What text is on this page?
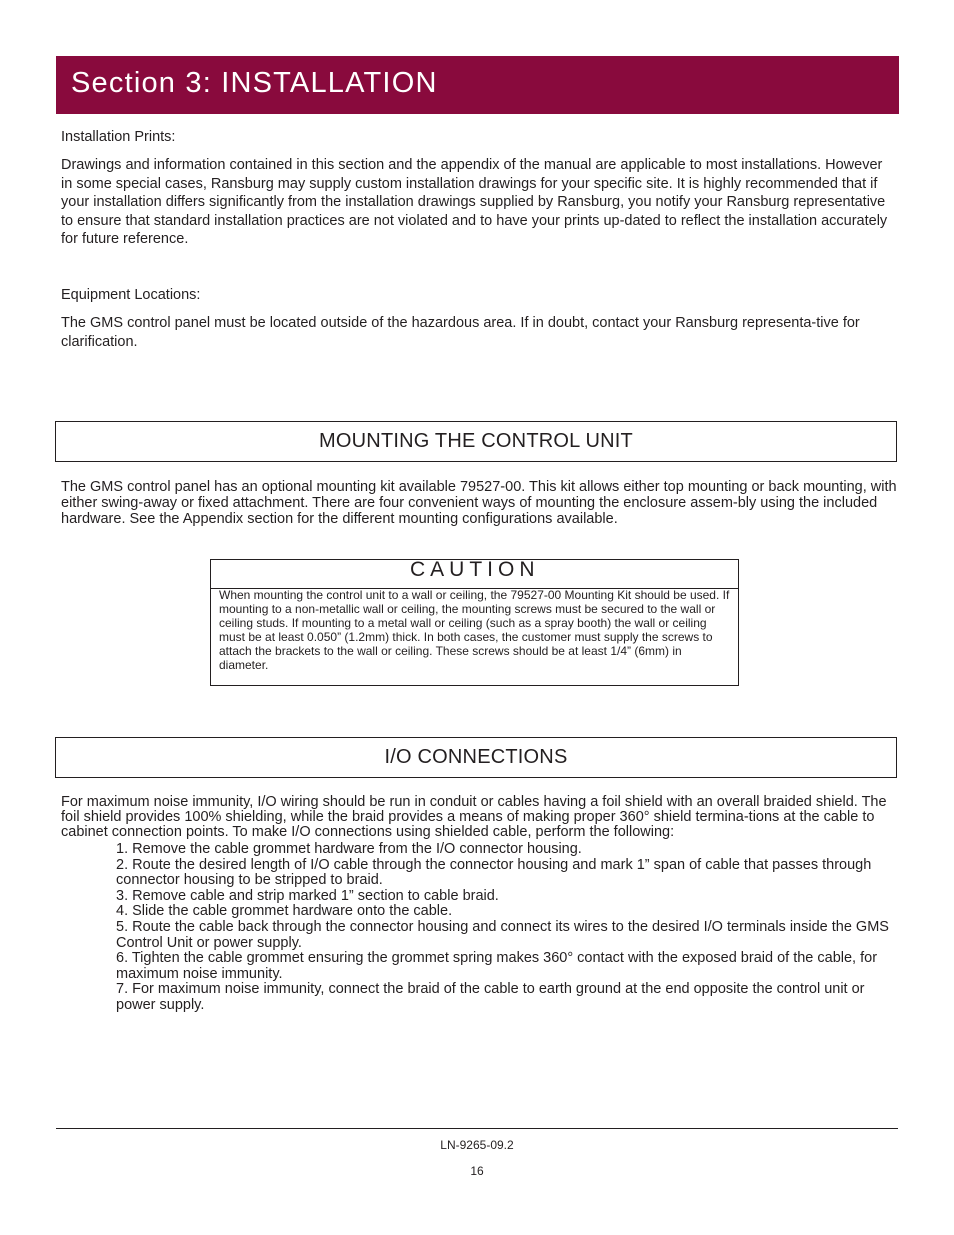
Section 3: INSTALLATION
Installation Prints:
Drawings and information contained in this section and the appendix of the manual are applicable to most installations. However in some special cases, Ransburg may supply custom installation drawings for your specific site. It is highly recommended that if your installation differs significantly from the installation drawings supplied by Ransburg, you notify your Ransburg representative to ensure that standard installation practices are not violated and to have your prints up-dated to reflect the installation accurately for future reference.
Equipment Locations:
The GMS control panel must be located outside of the hazardous area. If in doubt, contact your Ransburg representa-tive for clarification.
MOUNTING THE CONTROL UNIT
The GMS control panel has an optional mounting kit available 79527-00. This kit allows either top mounting or back mounting, with either swing-away or fixed attachment. There are four convenient ways of mounting the enclosure assem-bly using the included hardware. See the Appendix section for the different mounting configurations available.
CAUTION
When mounting the control unit to a wall or ceiling, the 79527-00 Mounting Kit should be used. If mounting to a non-metallic wall or ceiling, the mounting screws must be secured to the wall or ceiling studs. If mounting to a metal wall or ceiling (such as a spray booth) the wall or ceiling must be at least 0.050” (1.2mm) thick. In both cases, the customer must supply the screws to attach the brackets to the wall or ceiling. These screws should be at least 1/4” (6mm) in diameter.
I/O CONNECTIONS
For maximum noise immunity, I/O wiring should be run in conduit or cables having a foil shield with an overall braided shield. The foil shield provides 100% shielding, while the braid provides a means of making proper 360° shield termina-tions at the cable to cabinet connection points. To make I/O connections using shielded cable, perform the following:
1. Remove the cable grommet hardware from the I/O connector housing.
2. Route the desired length of I/O cable through the connector housing and mark 1” span of cable that passes through connector housing to be stripped to braid.
3. Remove cable and strip marked 1” section to cable braid.
4. Slide the cable grommet hardware onto the cable.
5. Route the cable back through the connector housing and connect its wires to the desired I/O terminals inside the GMS Control Unit or power supply.
6. Tighten the cable grommet ensuring the grommet spring makes 360° contact with the exposed braid of the cable, for maximum noise immunity.
7. For maximum noise immunity, connect the braid of the cable to earth ground at the end opposite the control unit or power supply.
LN-9265-09.2
16
